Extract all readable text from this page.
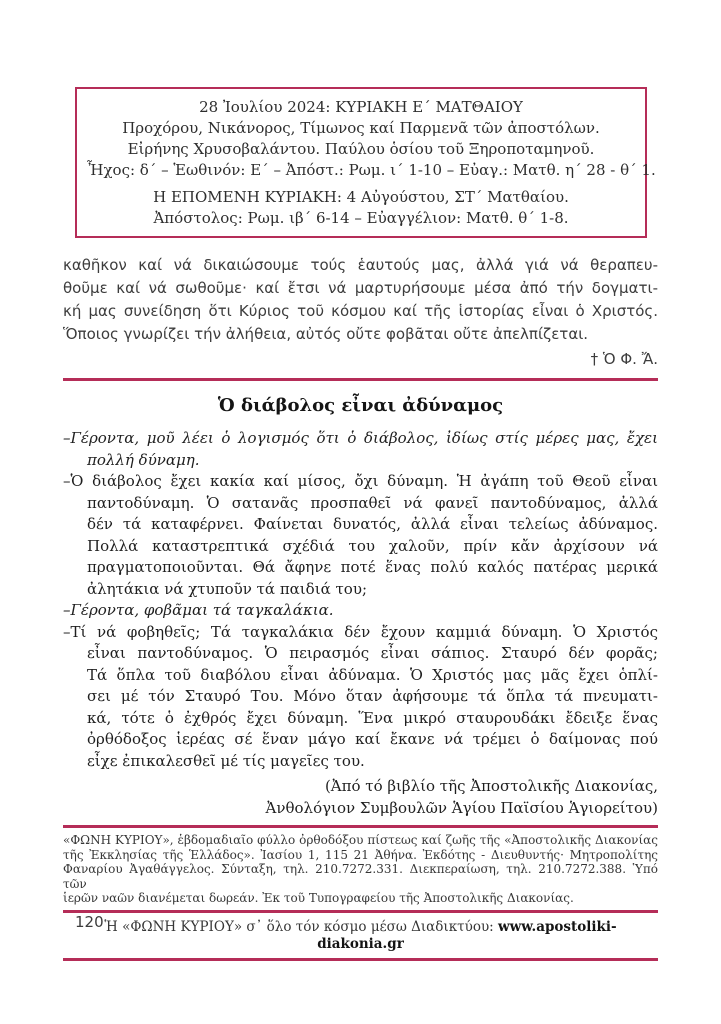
28 Ἰουλίου 2024: ΚΥΡΙΑΚΗ Ε´ ΜΑΤΘΑΙΟΥ
Προχόρου, Νικάνορος, Τίμωνος καί Παρμενᾶ τῶν ἀποστόλων.
Εἰρήνης Χρυσοβαλάντου. Παύλου ὁσίου τοῦ Ξηροποταμηνοῦ.
Ἦχος: δ´ – Ἑωθινόν: Ε´ – Ἀπόστ.: Ρωμ. ι´ 1-10 – Εὐαγ.: Ματθ. η´ 28 - θ´ 1.
Η ΕΠΟΜΕΝΗ ΚΥΡΙΑΚΗ: 4 Αὐγούστου, ΣΤ´ Ματθαίου.
Ἀπόστολος: Ρωμ. ιβ´ 6-14 – Εὐαγγέλιον: Ματθ. θ´ 1-8.
καθῆκον καί νά δικαιώσουμε τούς ἑαυτούς μας, ἀλλά γιά νά θεραπευ-
θοῦμε καί νά σωθοῦμε· καί ἔτσι νά μαρτυρήσουμε μέσα ἀπό τήν δογματι-
κή μας συνείδηση ὅτι Κύριος τοῦ κόσμου καί τῆς ἱστορίας εἶναι ὁ Χριστός.
Ὅποιος γνωρίζει τήν ἀλήθεια, αὐτός οὔτε φοβᾶται οὔτε ἀπελπίζεται.
† Ὁ Φ. Ἄ.
Ὁ διάβολος εἶναι ἀδύναμος
–Γέροντα, μοῦ λέει ὁ λογισμός ὅτι ὁ διάβολος, ἰδίως στίς μέρες μας, ἔχει
πολλή δύναμη.
–Ὁ διάβολος ἔχει κακία καί μίσος, ὄχι δύναμη. Ἡ ἀγάπη τοῦ Θεοῦ εἶναι
παντοδύναμη. Ὁ σατανᾶς προσπαθεῖ νά φανεῖ παντοδύναμος, ἀλλά
δέν τά καταφέρνει. Φαίνεται δυνατός, ἀλλά εἶναι τελείως ἀδύναμος.
Πολλά καταστρεπτικά σχέδιά του χαλοῦν, πρίν κἄν ἀρχίσουν νά
πραγματοποιοῦνται. Θά ἄφηνε ποτέ ἕνας πολύ καλός πατέρας μερικά
ἀλητάκια νά χτυποῦν τά παιδιά του;
–Γέροντα, φοβᾶμαι τά ταγκαλάκια.
–Τί νά φοβηθεῖς; Τά ταγκαλάκια δέν ἔχουν καμμιά δύναμη. Ὁ Χριστός
εἶναι παντοδύναμος. Ὁ πειρασμός εἶναι σάπιος. Σταυρό δέν φορᾶς;
Τά ὅπλα τοῦ διαβόλου εἶναι ἀδύναμα. Ὁ Χριστός μας μᾶς ἔχει ὁπλί-
σει μέ τόν Σταυρό Του. Μόνο ὅταν ἀφήσουμε τά ὅπλα τά πνευματι-
κά, τότε ὁ ἐχθρός ἔχει δύναμη. Ἕνα μικρό σταυρουδάκι ἔδειξε ἕνας
ὀρθόδοξος ἱερέας σέ ἕναν μάγο καί ἔκανε νά τρέμει ὁ δαίμονας πού
εἶχε ἐπικαλεσθεῖ μέ τίς μαγεῖες του.
(Ἀπό τό βιβλίο τῆς Ἀποστολικῆς Διακονίας,
Ἀνθολόγιον Συμβουλῶν Ἁγίου Παϊσίου Ἁγιορείτου)
«ΦΩΝΗ ΚΥΡΙΟΥ», ἑβδομαδιαῖο φύλλο ὀρθοδόξου πίστεως καί ζωῆς τῆς «Ἀποστολικῆς Διακονίας
τῆς Ἐκκλησίας τῆς Ἑλλάδος». Ἰασίου 1, 115 21 Ἀθήνα. Ἐκδότης - Διευθυντής· Μητροπολίτης
Φαναρίου Ἀγαθάγγελος. Σύνταξη, τηλ. 210.7272.331. Διεκπεραίωση, τηλ. 210.7272.388. Ὑπό τῶν
ἱερῶν ναῶν διανέμεται δωρεάν. Ἐκ τοῦ Τυπογραφείου τῆς Ἀποστολικῆς Διακονίας.
Ἡ «ΦΩΝΗ ΚΥΡΙΟΥ» σ᾽ ὅλο τόν κόσμο μέσω Διαδικτύου: www.apostoliki-diakonia.gr
120
